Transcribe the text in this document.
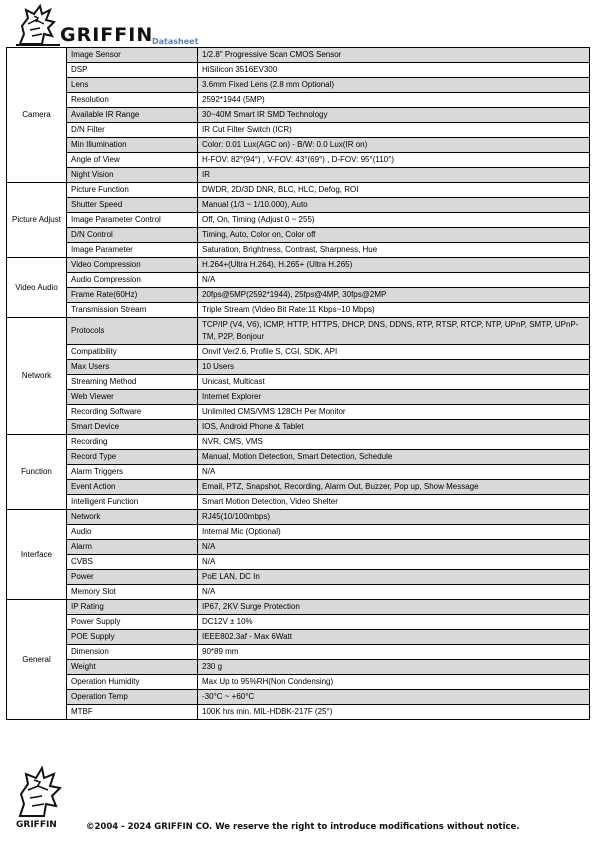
GRIFFIN
Datasheet
Camera	Image Sensor	1/2.8" Progressive Scan CMOS Sensor
	DSP	HiSilicon 3516EV300
	Lens	3.6mm Fixed Lens (2.8 mm Optional)
	Resolution	2592*1944 (5MP)
	Available IR Range	30~40M Smart IR SMD Technology
	D/N Filter	IR Cut Filter Switch (ICR)
	Min Illumination	Color: 0.01 Lux(AGC on) - B/W: 0.0 Lux(IR on)
	Angle of View	H-FOV: 82°(94°) , V-FOV: 43°(69°) , D-FOV: 95°(110°)
	Night Vision	IR
Picture Adjust	Picture Function	DWDR, 2D/3D DNR, BLC, HLC, Defog, ROI
	Shutter Speed	Manual (1/3 ~ 1/10.000), Auto
	Image Parameter Control	Off, On, Timing (Adjust 0 ~ 255)
	D/N Control	Timing, Auto, Color on, Color off
	Image Parameter	Saturation, Brightness, Contrast, Sharpness, Hue
Video Audio	Video Compression	H.264+(Ultra H.264), H.265+ (Ultra H.265)
	Audio Compression	N/A
	Frame Rate(60Hz)	20fps@5MP(2592*1944), 25fps@4MP, 30fps@2MP
	Transmission Stream	Triple Stream (Video Bit Rate:11 Kbps~10 Mbps)
Network	Protocols	TCP/IP (V4, V6), ICMP, HTTP, HTTPS, DHCP, DNS, DDNS, RTP, RTSP, RTCP, NTP, UPnP, SMTP, UPnP-TM, P2P, Bonjour
	Compatibility	Onvif Ver2.6, Profile S, CGI, SDK, API
	Max Users	10 Users
	Streaming Method	Unicast, Multicast
	Web Viewer	Internet Explorer
	Recording Software	Unlimited CMS/VMS 128CH Per Monitor
	Smart Device	IOS, Android Phone & Tablet
Function	Recording	NVR, CMS, VMS
	Record Type	Manual, Motion Detection, Smart Detection, Schedule
	Alarm Triggers	N/A
	Event Action	Email, PTZ, Snapshot, Recording, Alarm Out, Buzzer, Pop up, Show Message
	Intelligent Function	Smart Motion Detection, Video Shelter
Interface	Network	RJ45(10/100mbps)
	Audio	Internal Mic (Optional)
	Alarm	N/A
	CVBS	N/A
	Power	PoE LAN, DC In
	Memory Slot	N/A
General	IP Rating	IP67, 2KV Surge Protection
	Power Supply	DC12V ± 10%
	POE Supply	IEEE802.3af - Max 6Watt
	Dimension	90*89 mm
	Weight	230 g
	Operation Humidity	Max Up to 95%RH(Non Condensing)
	Operation Temp	-30°C ~ +60°C
	MTBF	100K hrs min. MIL-HDBK-217F (25°)
GRIFFIN	©2004 - 2024 GRIFFIN CO. We reserve the right to introduce modifications without notice.
